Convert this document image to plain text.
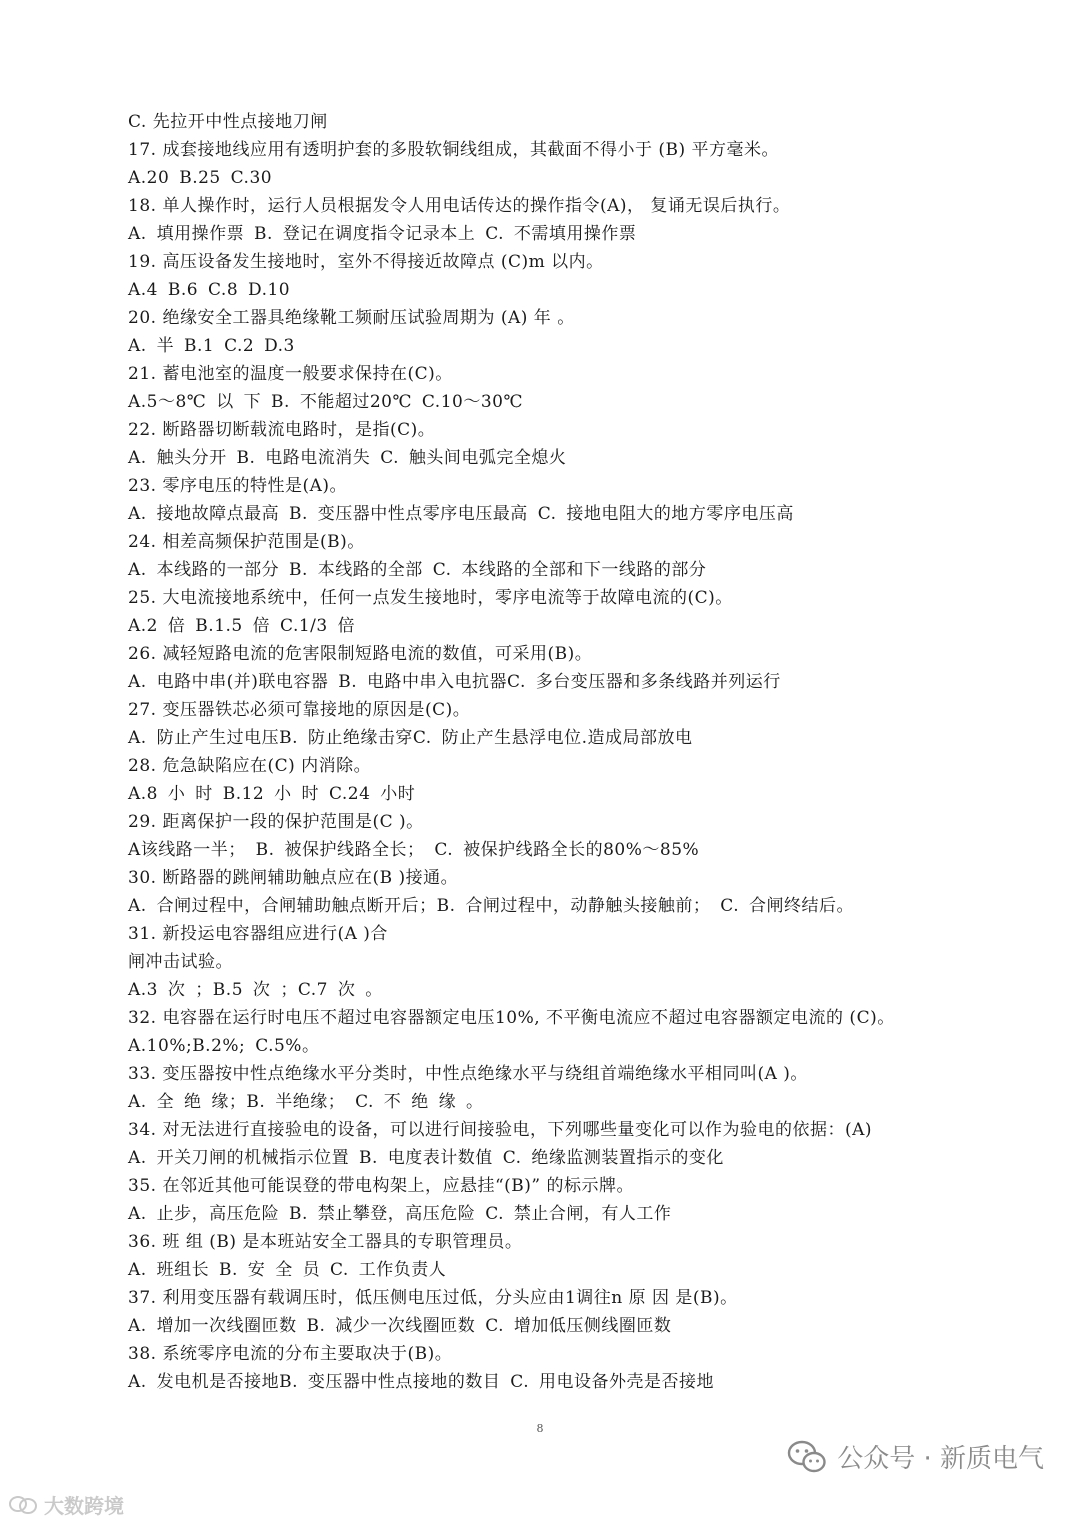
C. 先拉开中性点接地刀闸
17. 成套接地线应用有透明护套的多股软铜线组成，其截面不得小于 (B) 平方毫米。
A.20 B.25 C.30
18. 单人操作时，运行人员根据发令人用电话传达的操作指令(A)， 复诵无误后执行。
A. 填用操作票 B. 登记在调度指令记录本上 C. 不需填用操作票
19. 高压设备发生接地时，室外不得接近故障点 (C)m 以内。
A.4 B.6 C.8 D.10
20. 绝缘安全工器具绝缘靴工频耐压试验周期为 (A) 年 。
A. 半 B.1 C.2 D.3
21. 蓄电池室的温度一般要求保持在(C)。
A.5～8℃ 以 下 B. 不能超过20℃ C.10～30℃
22. 断路器切断载流电路时，是指(C)。
A. 触头分开 B. 电路电流消失 C. 触头间电弧完全熄火
23. 零序电压的特性是(A)。
A. 接地故障点最高 B. 变压器中性点零序电压最高 C. 接地电阻大的地方零序电压高
24. 相差高频保护范围是(B)。
A. 本线路的一部分 B. 本线路的全部 C. 本线路的全部和下一线路的部分
25. 大电流接地系统中，任何一点发生接地时，零序电流等于故障电流的(C)。
A.2 倍 B.1.5 倍 C.1/3 倍
26. 减轻短路电流的危害限制短路电流的数值，可采用(B)。
A. 电路中串(并)联电容器 B. 电路中串入电抗器C. 多台变压器和多条线路并列运行
27. 变压器铁芯必须可靠接地的原因是(C)。
A. 防止产生过电压B. 防止绝缘击穿C. 防止产生悬浮电位.造成局部放电
28. 危急缺陷应在(C) 内消除。
A.8 小 时 B.12 小 时 C.24 小时
29. 距离保护一段的保护范围是(C )。
A该线路一半； B. 被保护线路全长； C. 被保护线路全长的80%～85%
30. 断路器的跳闸辅助触点应在(B )接通。
A. 合闸过程中，合闸辅助触点断开后；B. 合闸过程中，动静触头接触前； C. 合闸终结后。
31. 新投运电容器组应进行(A )合
闸冲击试验。
A.3 次 ；B.5 次 ；C.7 次 。
32. 电容器在运行时电压不超过电容器额定电压10%, 不平衡电流应不超过电容器额定电流的 (C)。
A.10%;B.2%; C.5%。
33. 变压器按中性点绝缘水平分类时，中性点绝缘水平与绕组首端绝缘水平相同叫(A )。
A. 全 绝 缘；B. 半绝缘； C. 不 绝 缘 。
34. 对无法进行直接验电的设备，可以进行间接验电，下列哪些量变化可以作为验电的依据：(A)
A. 开关刀闸的机械指示位置 B. 电度表计数值 C. 绝缘监测装置指示的变化
35. 在邻近其他可能误登的带电构架上，应悬挂“(B)” 的标示牌。
A. 止步，高压危险 B. 禁止攀登，高压危险 C. 禁止合闸，有人工作
36. 班 组 (B) 是本班站安全工器具的专职管理员。
A. 班组长 B. 安 全 员 C. 工作负责人
37. 利用变压器有载调压时，低压侧电压过低，分头应由1调往n 原 因 是(B)。
A. 增加一次线圈匝数 B. 减少一次线圈匝数 C. 增加低压侧线圈匝数
38. 系统零序电流的分布主要取决于(B)。
A. 发电机是否接地B. 变压器中性点接地的数目 C. 用电设备外壳是否接地
8
公众号 · 新质电气
大数跨境
